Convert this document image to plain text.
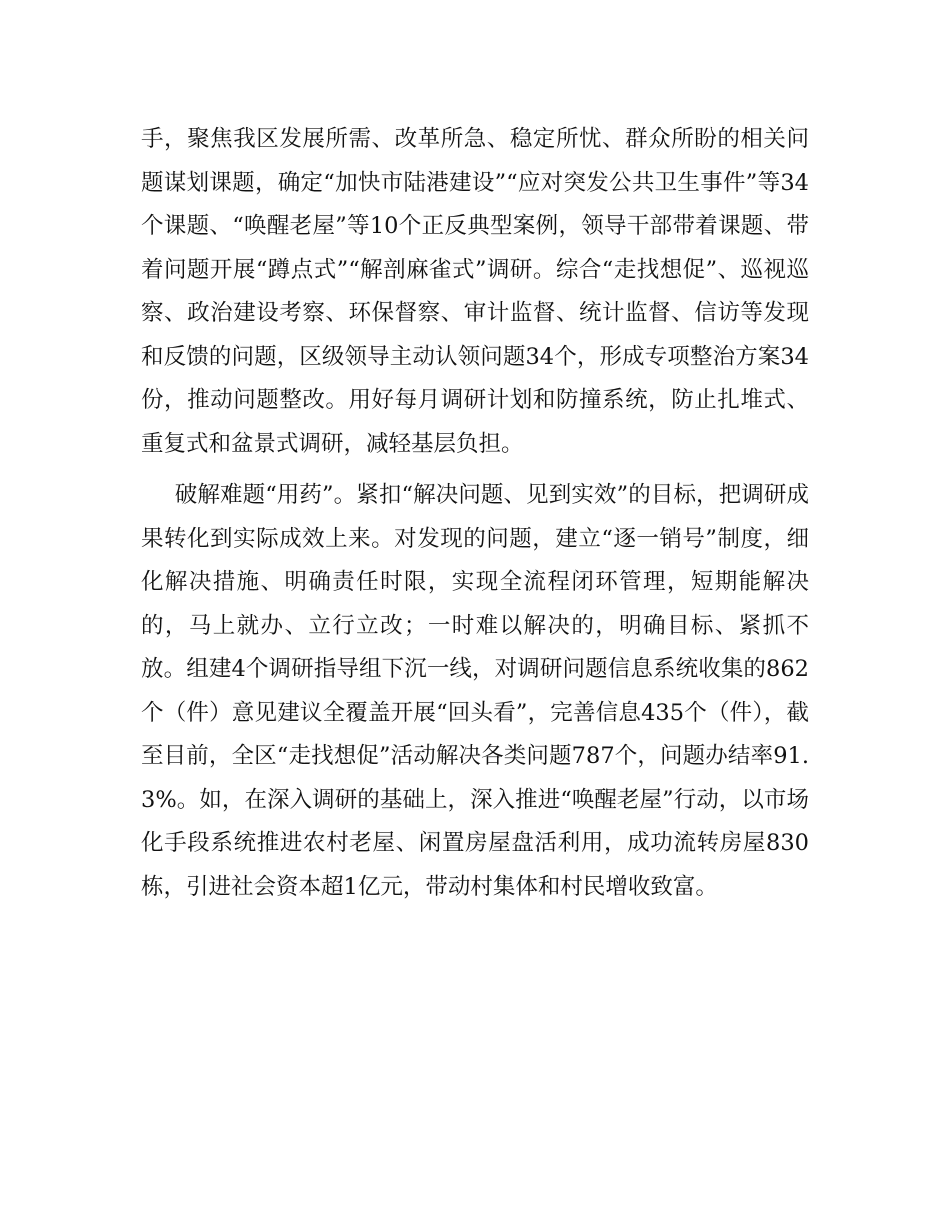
手，聚焦我区发展所需、改革所急、稳定所忧、群众所盼的相关问题谋划课题，确定“加快市陆港建设”“应对突发公共卫生事件”等34个课题、“唤醒老屋”等10个正反典型案例，领导干部带着课题、带着问题开展“蹲点式”“解剖麻雀式”调研。综合“走找想促”、巡视巡察、政治建设考察、环保督察、审计监督、统计监督、信访等发现和反馈的问题，区级领导主动认领问题34个，形成专项整治方案34份，推动问题整改。用好每月调研计划和防撞系统，防止扎堆式、重复式和盆景式调研，减轻基层负担。

破解难题“用药”。紧扣“解决问题、见到实效”的目标，把调研成果转化到实际成效上来。对发现的问题，建立“逐一销号”制度，细化解决措施、明确责任时限，实现全流程闭环管理，短期能解决的，马上就办、立行立改；一时难以解决的，明确目标、紧抓不放。组建4个调研指导组下沉一线，对调研问题信息系统收集的862个（件）意见建议全覆盖开展“回头看”，完善信息435个（件），截至目前，全区“走找想促”活动解决各类问题787个，问题办结率91.3%。如，在深入调研的基础上，深入推进“唤醒老屋”行动，以市场化手段系统推进农村老屋、闲置房屋盘活利用，成功流转房屋830栋，引进社会资本超1亿元，带动村集体和村民增收致富。
